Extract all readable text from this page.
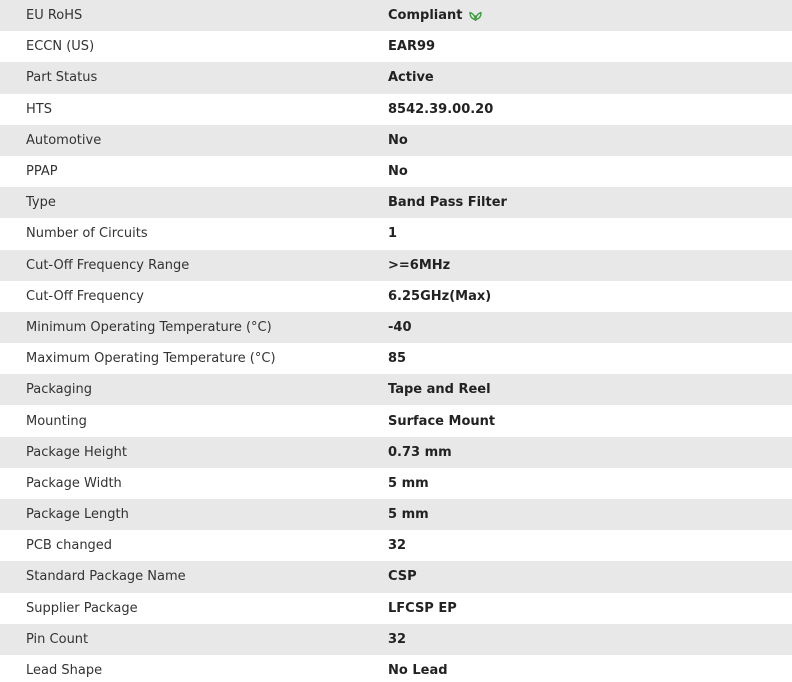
EU RoHS	Compliant
ECCN (US)	EAR99
Part Status	Active
HTS	8542.39.00.20
Automotive	No
PPAP	No
Type	Band Pass Filter
Number of Circuits	1
Cut-Off Frequency Range	>=6MHz
Cut-Off Frequency	6.25GHz(Max)
Minimum Operating Temperature (°C)	-40
Maximum Operating Temperature (°C)	85
Packaging	Tape and Reel
Mounting	Surface Mount
Package Height	0.73 mm
Package Width	5 mm
Package Length	5 mm
PCB changed	32
Standard Package Name	CSP
Supplier Package	LFCSP EP
Pin Count	32
Lead Shape	No Lead
